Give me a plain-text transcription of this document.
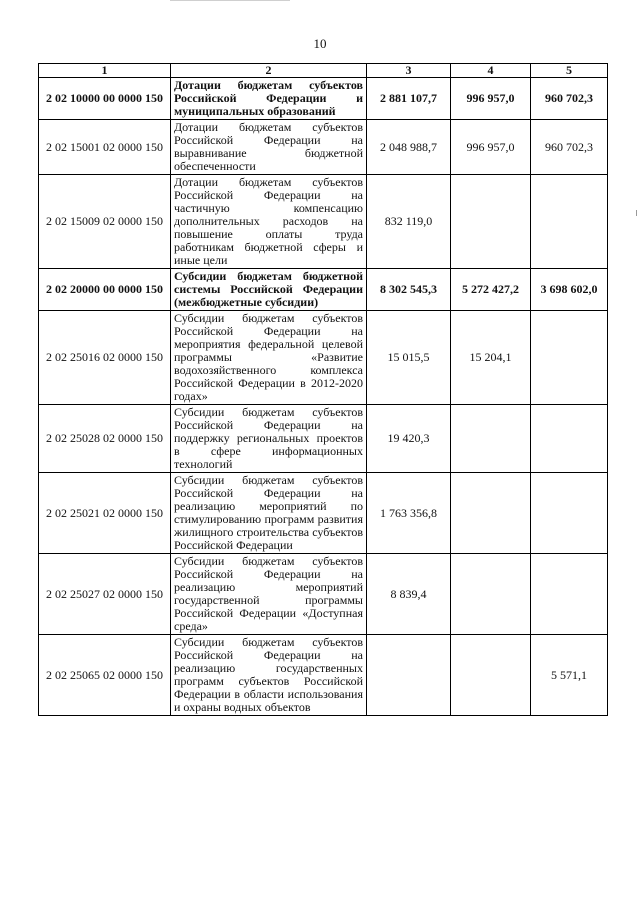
10
1	2	3	4	5
2 02 10000 00 0000 150	Дотации бюджетам субъектов Российской Федерации и муниципальных образований	2 881 107,7	996 957,0	960 702,3
2 02 15001 02 0000 150	Дотации бюджетам субъектов Российской Федерации на выравнивание бюджетной обеспеченности	2 048 988,7	996 957,0	960 702,3
2 02 15009 02 0000 150	Дотации бюджетам субъектов Российской Федерации на частичную компенсацию дополнительных расходов на повышение оплаты труда работникам бюджетной сферы и иные цели	832 119,0		
2 02 20000 00 0000 150	Субсидии бюджетам бюджетной системы Российской Федерации (межбюджетные субсидии)	8 302 545,3	5 272 427,2	3 698 602,0
2 02 25016 02 0000 150	Субсидии бюджетам субъектов Российской Федерации на мероприятия федеральной целевой программы «Развитие водохозяйственного комплекса Российской Федерации в 2012-2020 годах»	15 015,5	15 204,1	
2 02 25028 02 0000 150	Субсидии бюджетам субъектов Российской Федерации на поддержку региональных проектов в сфере информационных технологий	19 420,3		
2 02 25021 02 0000 150	Субсидии бюджетам субъектов Российской Федерации на реализацию мероприятий по стимулированию программ развития жилищного строительства субъектов Российской Федерации	1 763 356,8		
2 02 25027 02 0000 150	Субсидии бюджетам субъектов Российской Федерации на реализацию мероприятий государственной программы Российской Федерации «Доступная среда»	8 839,4		
2 02 25065 02 0000 150	Субсидии бюджетам субъектов Российской Федерации на реализацию государственных программ субъектов Российской Федерации в области использования и охраны водных объектов			5 571,1
